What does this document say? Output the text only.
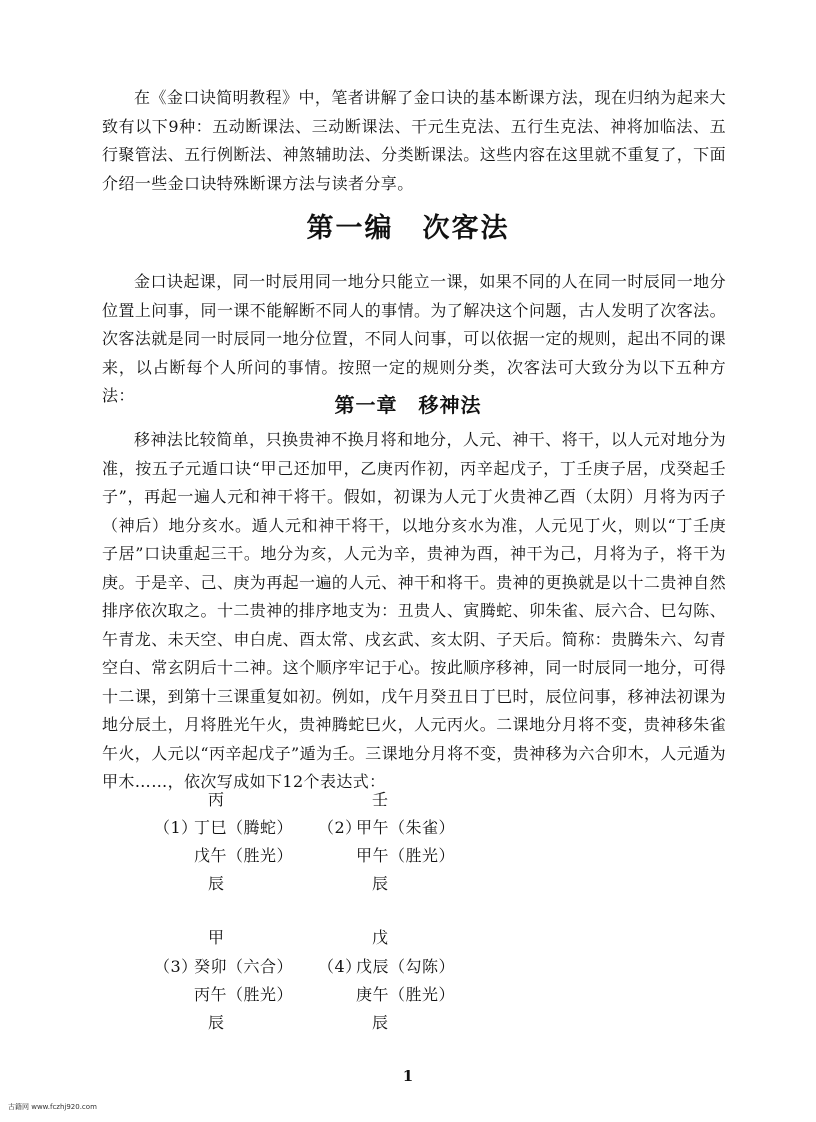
在《金口诀简明教程》中，笔者讲解了金口诀的基本断课方法，现在归纳为起来大致有以下9种：五动断课法、三动断课法、干元生克法、五行生克法、神将加临法、五行聚管法、五行例断法、神煞辅助法、分类断课法。这些内容在这里就不重复了，下面介绍一些金口诀特殊断课方法与读者分享。

第一编　次客法

金口诀起课，同一时辰用同一地分只能立一课，如果不同的人在同一时辰同一地分位置上问事，同一课不能解断不同人的事情。为了解决这个问题，古人发明了次客法。次客法就是同一时辰同一地分位置，不同人问事，可以依据一定的规则，起出不同的课来，以占断每个人所问的事情。按照一定的规则分类，次客法可大致分为以下五种方法：	第一章　移神法

移神法比较简单，只换贵神不换月将和地分，人元、神干、将干，以人元对地分为准，按五子元遁口诀“甲己还加甲，乙庚丙作初，丙辛起戊子，丁壬庚子居，戊癸起壬子”，再起一遍人元和神干将干。假如，初课为人元丁火贵神乙酉（太阴）月将为丙子（神后）地分亥水。遁人元和神干将干，以地分亥水为准，人元见丁火，则以“丁壬庚子居”口诀重起三干。地分为亥，人元为辛，贵神为酉，神干为己，月将为子，将干为庚。于是辛、己、庚为再起一遍的人元、神干和将干。贵神的更换就是以十二贵神自然排序依次取之。十二贵神的排序地支为：丑贵人、寅腾蛇、卯朱雀、辰六合、巳勾陈、午青龙、未天空、申白虎、酉太常、戌玄武、亥太阴、子天后。简称：贵腾朱六、勾青空白、常玄阴后十二神。这个顺序牢记于心。按此顺序移神，同一时辰同一地分，可得十二课，到第十三课重复如初。例如，戊午月癸丑日丁巳时，辰位问事，移神法初课为地分辰土，月将胜光午火，贵神腾蛇巳火，人元丙火。二课地分月将不变，贵神移朱雀午火，人元以“丙辛起戊子”遁为壬。三课地分月将不变，贵神移为六合卯木，人元遁为甲木……，依次写成如下12个表达式：

丙
（1）
丁巳（腾蛇）
戊午（胜光）
辰
壬
（2）
甲午（朱雀）
甲午（胜光）
辰
甲
（3）
癸卯（六合）
丙午（胜光）
辰
戊
（4）
戊辰（勾陈）
庚午（胜光）
辰
1
古籍网 www.fczhj920.com
